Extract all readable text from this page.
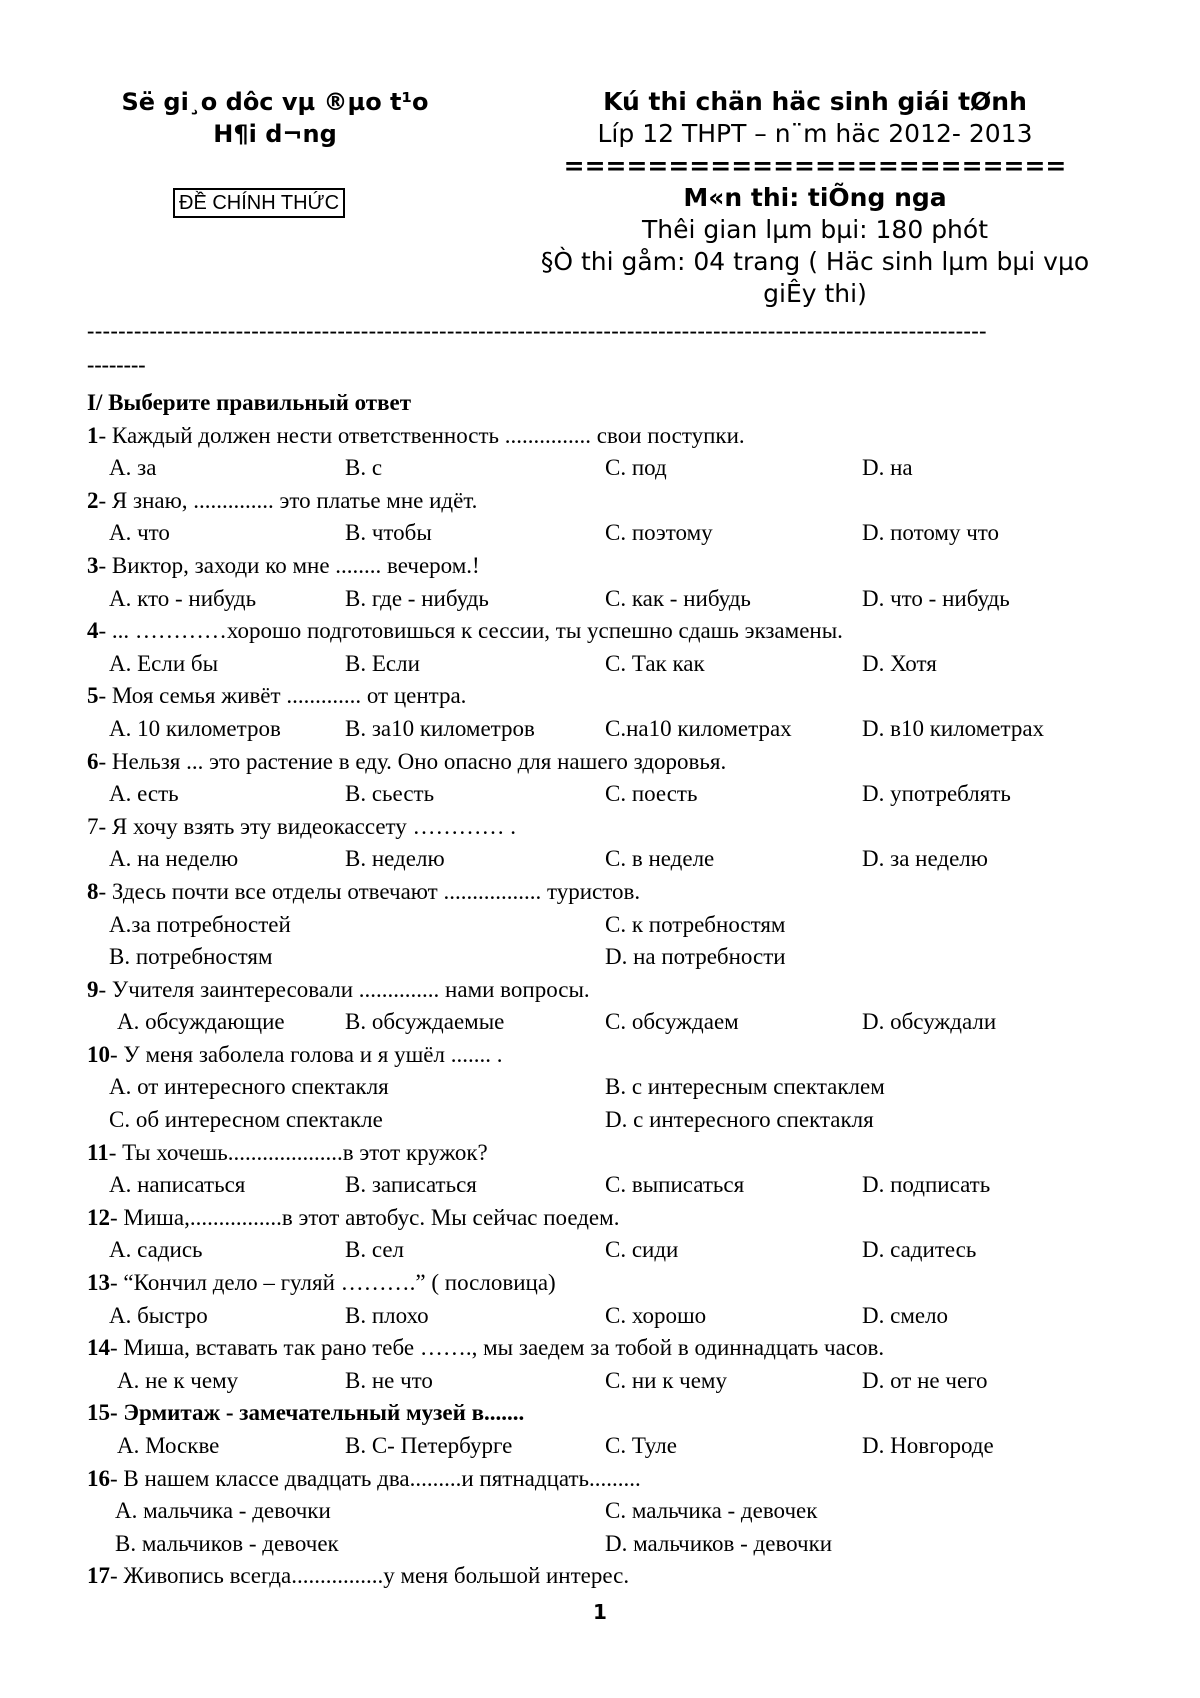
Së gi¸o dôc vµ ®µo t¹o
H¶i d¬ng
ĐỀ CHÍNH THỨC
Kú thi chän häc sinh giái tØnh
Líp 12 THPT – n¨m häc 2012- 2013
========================
M«n thi: tiÕng nga
Thêi gian lµm bµi: 180 phót
§Ò thi gåm: 04 trang ( Häc sinh lµm bµi vµo
giÊy thi)
-------------------------------------------------------------------------------------------------------------------
--------
I/ Выберите правильный ответ
1- Каждый должен нести ответственность ............... свои поступки.
A. за	B. с	C. под	D. на
2- Я знаю, .............. это платье мне идёт.
A. что	B. чтобы	C. поэтому	D. потому что
3- Виктор, заходи ко мне ........ вечером.!
A. кто - нибудь	B. где - нибудь	C. как - нибудь	D. что - нибудь
4- ... …………хорошо подготовишься к сессии, ты успешно сдашь экзамены.
A. Если бы	B. Если	C. Так как	D. Хотя
5- Моя семья живёт ............. от центра.
A. 10 километров	B. за10 километров	C.на10 километрах	D. в10 километрах
6- Нельзя ... это растение в еду. Оно опасно для нашего здоровья.
A. есть	B. сьесть	C. поесть	D. употреблять
7- Я хочу взять эту видеокассету ………… .
A. на неделю	B. неделю	C. в неделе	D. за неделю
8- Здесь почти все отделы отвечают ................. туристов.
A.за потребностей	C. к потребностям
B. потребностям	D. на потребности
9- Учителя заинтересовали .............. нами вопросы.
A. обсуждающие	B. обсуждаемые	C. обсуждаем	D. обсуждали
10- У меня заболела голова и я ушёл ....... .
A. от интересного спектакля	B. с интересным спектаклем
C. об интересном спектакле	D. с интересного спектакля
11- Ты хочешь....................в этот кружок?
A. написаться	B. записаться	C. выписаться	D. подписать
12- Миша,................в этот автобус. Мы сейчас поедем.
A. садись	B. сел	C. сиди	D. садитесь
13- “Кончил дело – гуляй ……….” ( пословица)
A. быстро	B. плохо	C. хорошо	D. смело
14- Миша, вставать так рано тебе ……., мы заедем за тобой в одиннадцать часов.
A. не к чему	B. не что	C. ни к чему	D. от не чего
15- Эрмитаж - замечательный музей в.......
A. Москве	B. С- Петербурге	C. Туле	D. Новгороде
16- В нашем классе двадцать два.........и пятнадцать.........
A. мальчика - девочки	C. мальчика - девочек
B. мальчиков - девочек	D. мальчиков - девочки
17- Живопись всегда................у меня большой интерес.
1
